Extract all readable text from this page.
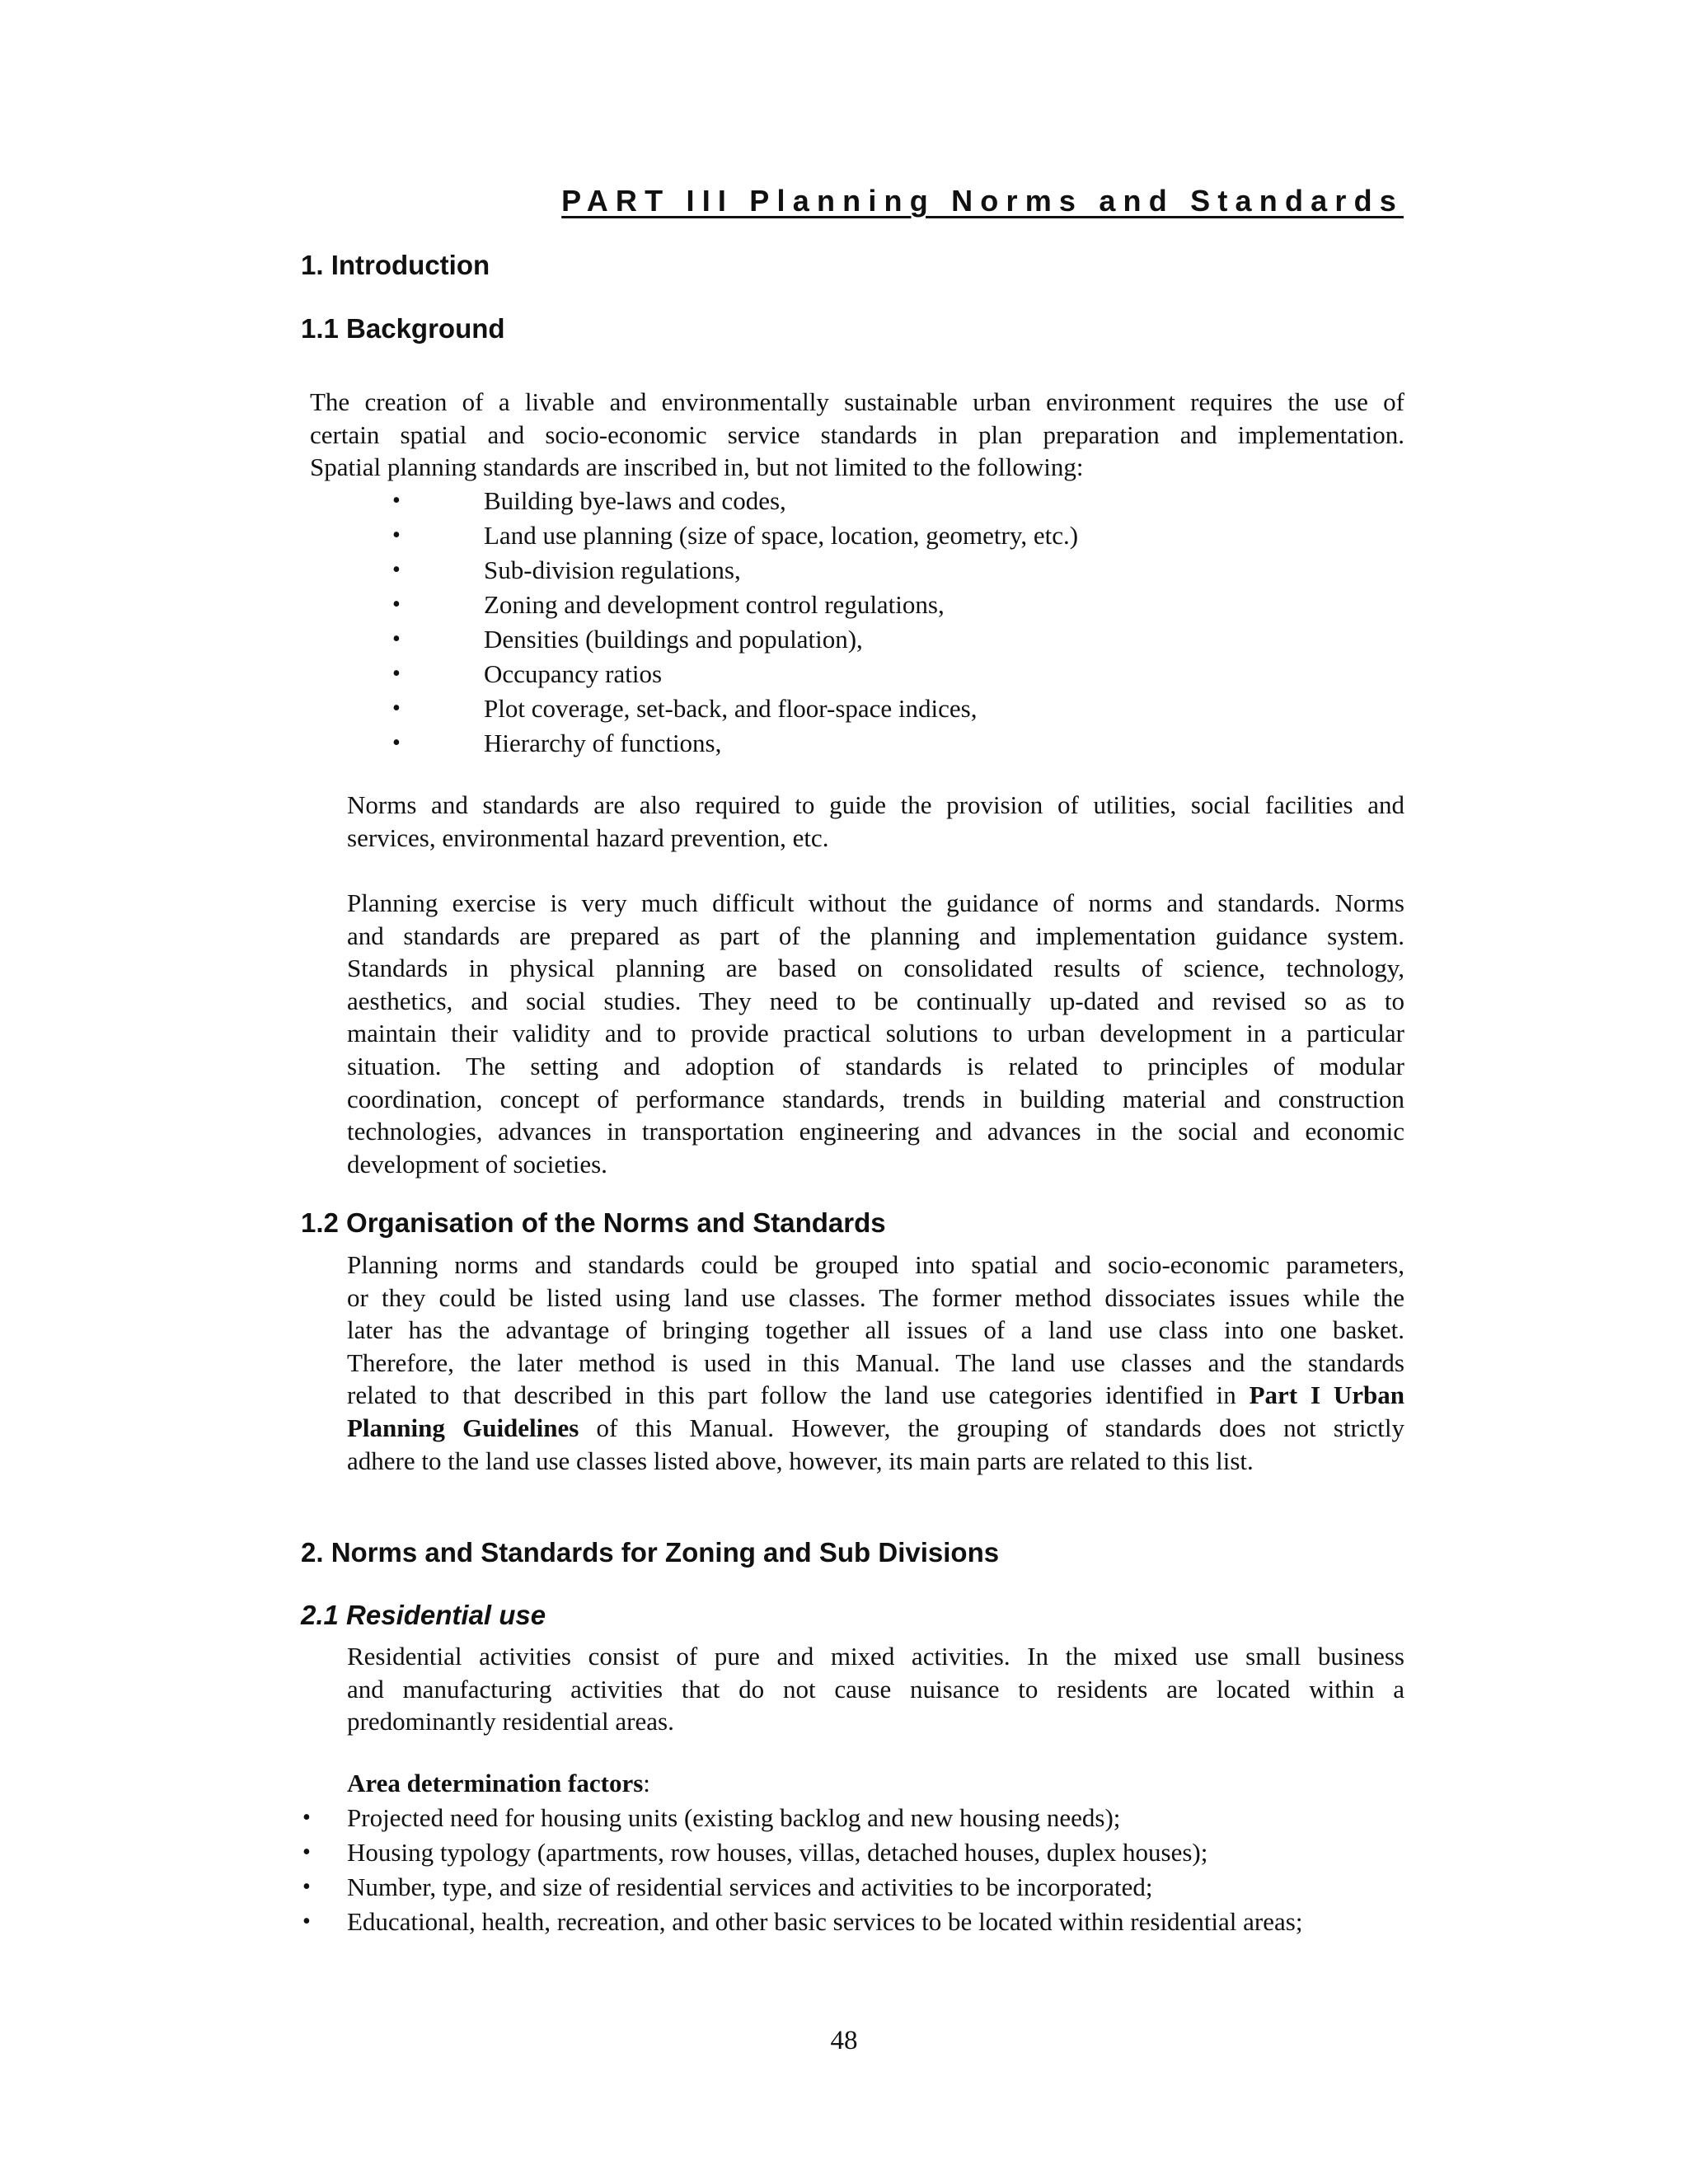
PART III Planning Norms and Standards
1. Introduction
1.1 Background
The creation of a livable and environmentally sustainable urban environment requires the use of
certain spatial and socio-economic service standards in plan preparation and implementation.
Spatial planning standards are inscribed in, but not limited to the following:
•	Building bye-laws and codes,
•	Land use planning (size of space, location, geometry, etc.)
•	Sub-division regulations,
•	Zoning and development control regulations,
•	Densities (buildings and population),
•	Occupancy ratios
•	Plot coverage, set-back, and floor-space indices,
•	Hierarchy of functions,
Norms and standards are also required to guide the provision of utilities, social facilities and
services, environmental hazard prevention, etc.
Planning exercise is very much difficult without the guidance of norms and standards. Norms
and standards are prepared as part of the planning and implementation guidance system.
Standards in physical planning are based on consolidated results of science, technology,
aesthetics, and social studies. They need to be continually up-dated and revised so as to
maintain their validity and to provide practical solutions to urban development in a particular
situation. The setting and adoption of standards is related to principles of modular
coordination, concept of performance standards, trends in building material and construction
technologies, advances in transportation engineering and advances in the social and economic
development of societies.
1.2 Organisation of the Norms and Standards
Planning norms and standards could be grouped into spatial and socio-economic parameters,
or they could be listed using land use classes. The former method dissociates issues while the
later has the advantage of bringing together all issues of a land use class into one basket.
Therefore, the later method is used in this Manual. The land use classes and the standards
related to that described in this part follow the land use categories identified in Part I Urban
Planning Guidelines of this Manual. However, the grouping of standards does not strictly
adhere to the land use classes listed above, however, its main parts are related to this list.
2. Norms and Standards for Zoning and Sub Divisions
2.1 Residential use
Residential activities consist of pure and mixed activities. In the mixed use small business
and manufacturing activities that do not cause nuisance to residents are located within a
predominantly residential areas.
Area determination factors:
• Projected need for housing units (existing backlog and new housing needs);
• Housing typology (apartments, row houses, villas, detached houses, duplex houses);
• Number, type, and size of residential services and activities to be incorporated;
• Educational, health, recreation, and other basic services to be located within residential areas;
48
